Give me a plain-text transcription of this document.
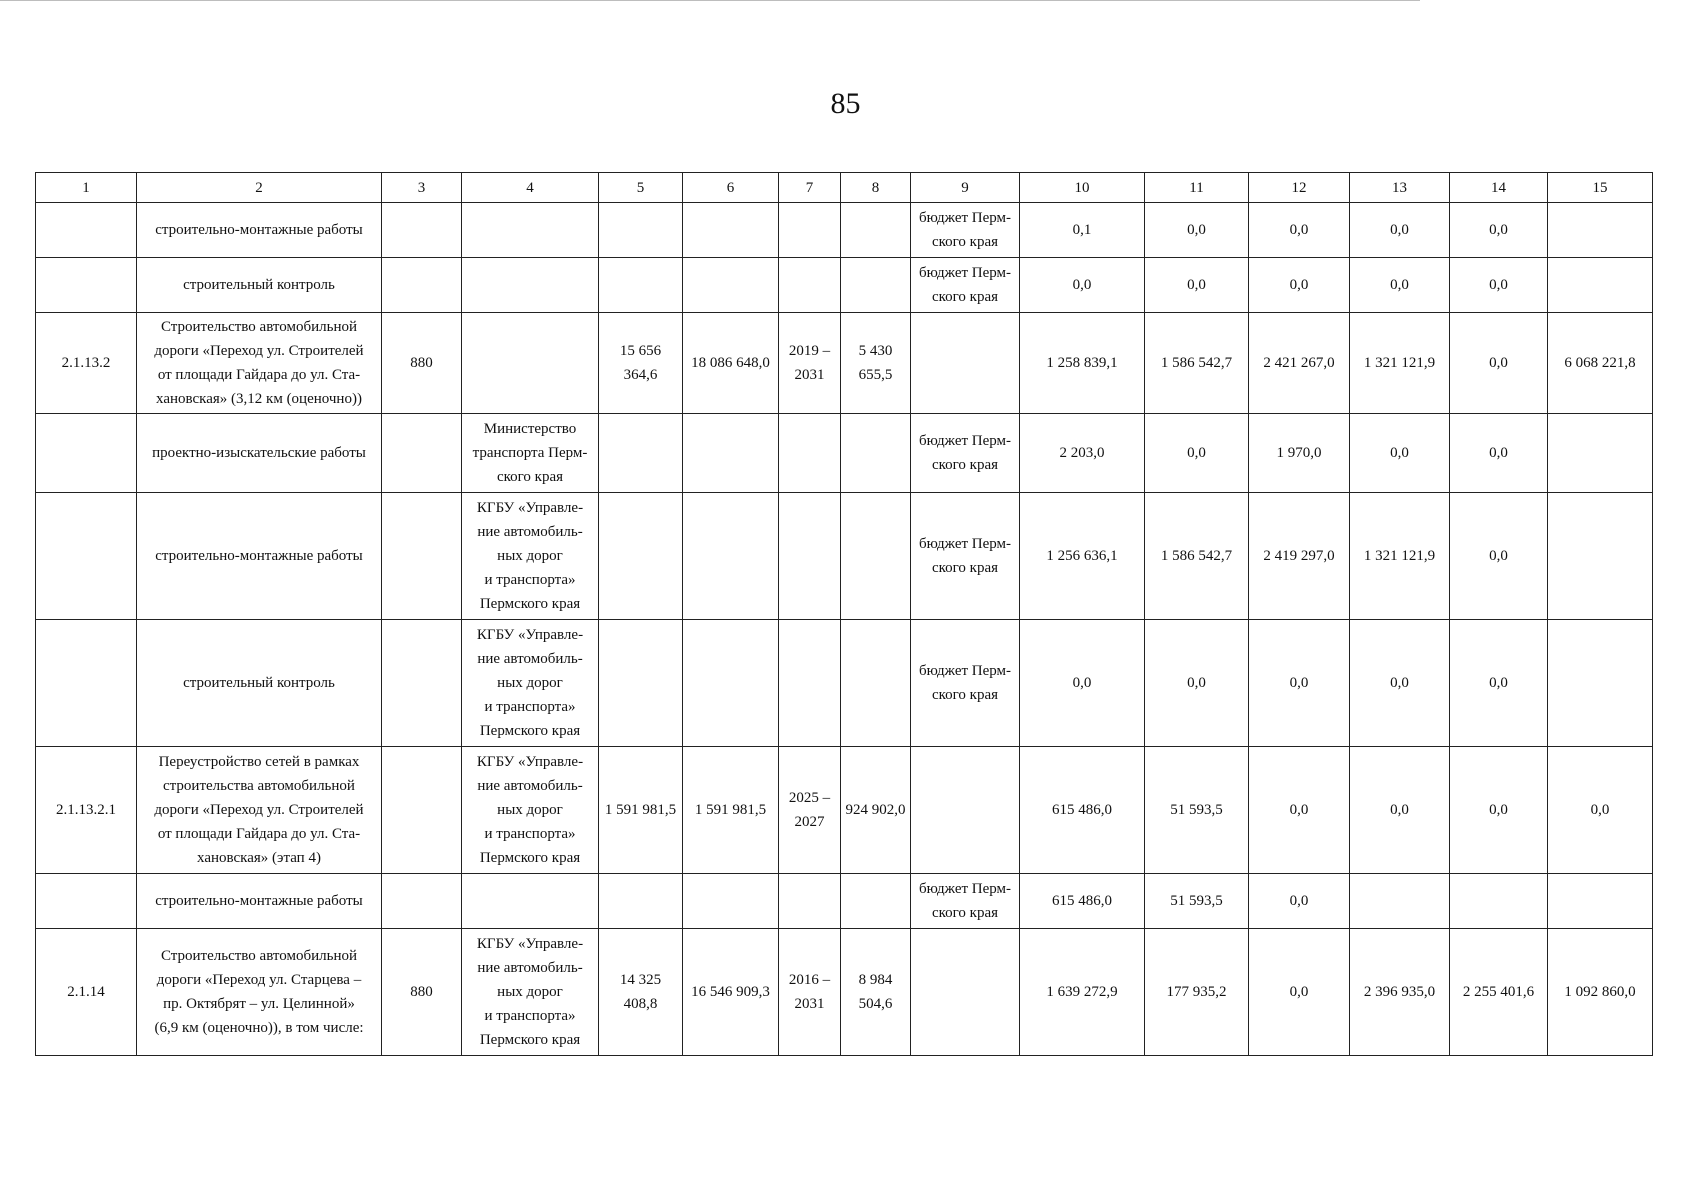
85
1	2	3	4	5	6	7	8	9	10	11	12	13	14	15
	строительно-монтажные работы							бюджет Перм-
ского края	0,1	0,0	0,0	0,0	0,0	
	строительный контроль							бюджет Перм-
ского края	0,0	0,0	0,0	0,0	0,0	
2.1.13.2	Строительство автомобильной
дороги «Переход ул. Строителей
от площади Гайдара до ул. Ста-
хановская» (3,12 км (оценочно))	880		15 656
364,6	18 086 648,0	2019 –
2031	5 430
655,5		1 258 839,1	1 586 542,7	2 421 267,0	1 321 121,9	0,0	6 068 221,8
	проектно-изыскательские работы		Министерство
транспорта Перм-
ского края					бюджет Перм-
ского края	2 203,0	0,0	1 970,0	0,0	0,0	
	строительно-монтажные работы		КГБУ «Управле-
ние автомобиль-
ных дорог
и транспорта»
Пермского края					бюджет Перм-
ского края	1 256 636,1	1 586 542,7	2 419 297,0	1 321 121,9	0,0	
	строительный контроль		КГБУ «Управле-
ние автомобиль-
ных дорог
и транспорта»
Пермского края					бюджет Перм-
ского края	0,0	0,0	0,0	0,0	0,0	
2.1.13.2.1	Переустройство сетей в рамках
строительства автомобильной
дороги «Переход ул. Строителей
от площади Гайдара до ул. Ста-
хановская» (этап 4)		КГБУ «Управле-
ние автомобиль-
ных дорог
и транспорта»
Пермского края	1 591 981,5	1 591 981,5	2025 –
2027	924 902,0		615 486,0	51 593,5	0,0	0,0	0,0	0,0
	строительно-монтажные работы							бюджет Перм-
ского края	615 486,0	51 593,5	0,0			
2.1.14	Строительство автомобильной
дороги «Переход ул. Старцева –
пр. Октябрят – ул. Целинной»
(6,9 км (оценочно)), в том числе:	880	КГБУ «Управле-
ние автомобиль-
ных дорог
и транспорта»
Пермского края	14 325
408,8	16 546 909,3	2016 –
2031	8 984
504,6		1 639 272,9	177 935,2	0,0	2 396 935,0	2 255 401,6	1 092 860,0
